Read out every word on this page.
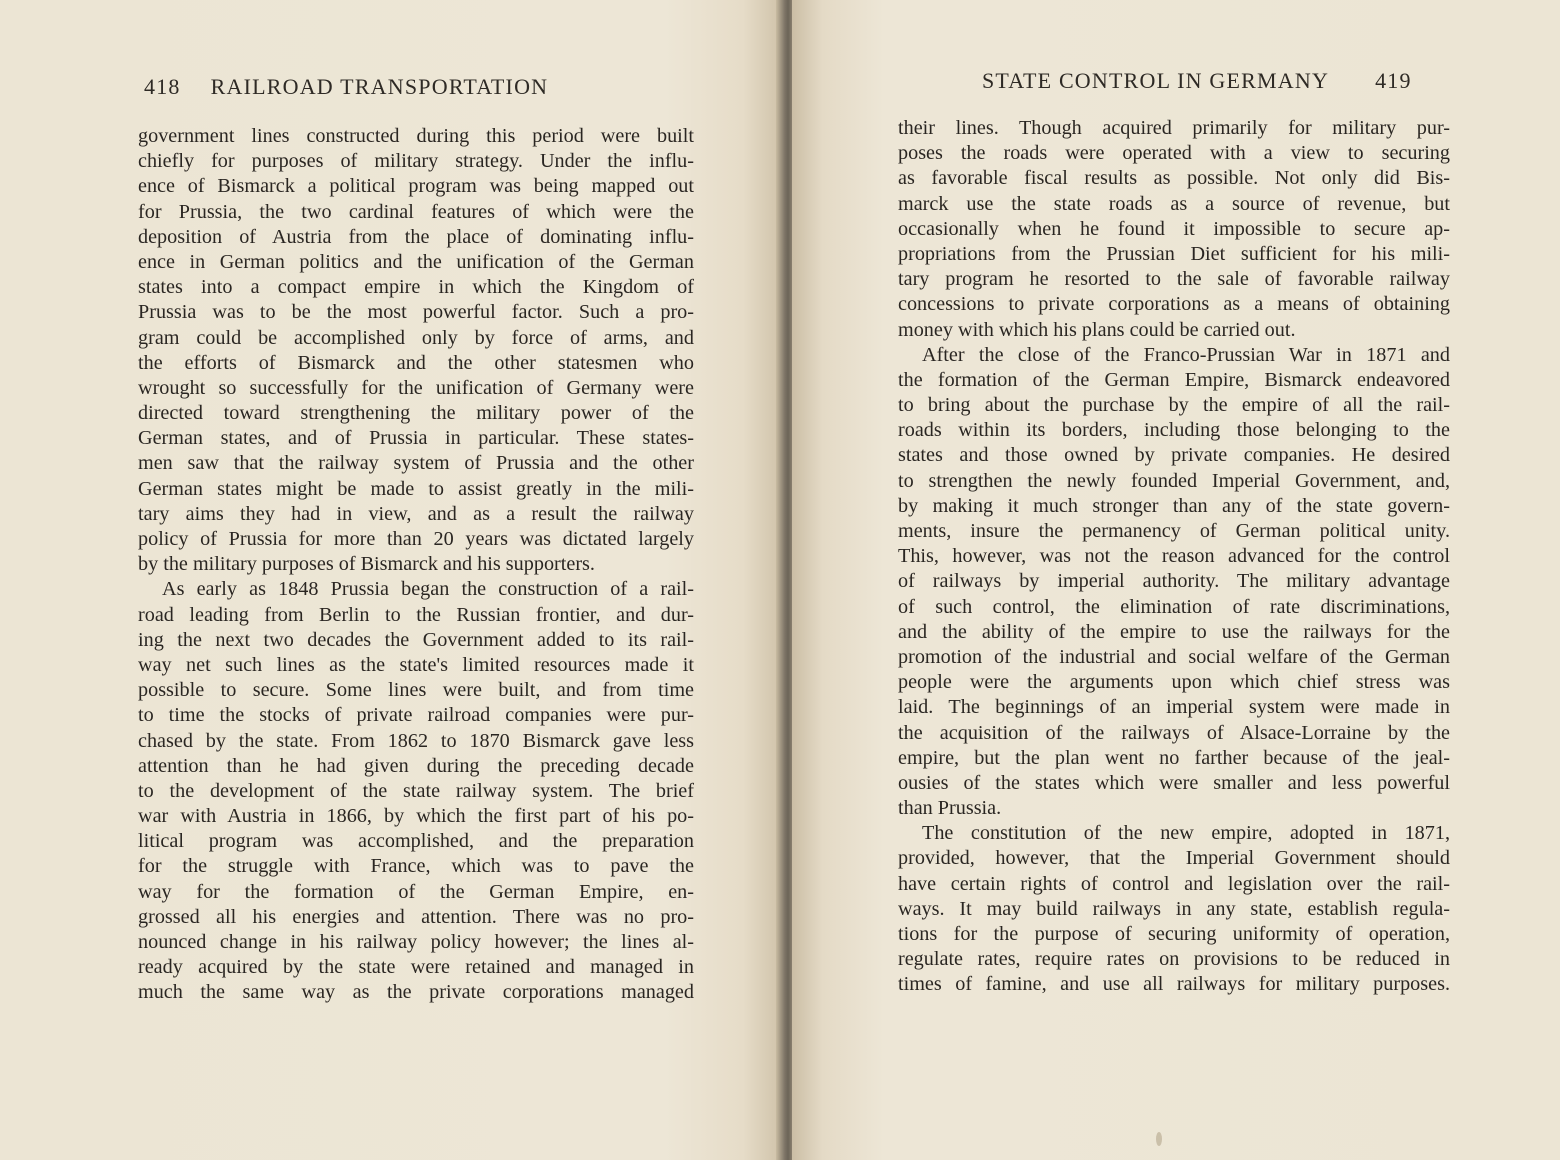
418 RAILROAD TRANSPORTATION
government lines constructed during this period were built
chiefly for purposes of military strategy. Under the influ-
ence of Bismarck a political program was being mapped out
for Prussia, the two cardinal features of which were the
deposition of Austria from the place of dominating influ-
ence in German politics and the unification of the German
states into a compact empire in which the Kingdom of
Prussia was to be the most powerful factor. Such a pro-
gram could be accomplished only by force of arms, and
the efforts of Bismarck and the other statesmen who
wrought so successfully for the unification of Germany were
directed toward strengthening the military power of the
German states, and of Prussia in particular. These states-
men saw that the railway system of Prussia and the other
German states might be made to assist greatly in the mili-
tary aims they had in view, and as a result the railway
policy of Prussia for more than 20 years was dictated largely
by the military purposes of Bismarck and his supporters.
As early as 1848 Prussia began the construction of a rail-
road leading from Berlin to the Russian frontier, and dur-
ing the next two decades the Government added to its rail-
way net such lines as the state's limited resources made it
possible to secure. Some lines were built, and from time
to time the stocks of private railroad companies were pur-
chased by the state. From 1862 to 1870 Bismarck gave less
attention than he had given during the preceding decade
to the development of the state railway system. The brief
war with Austria in 1866, by which the first part of his po-
litical program was accomplished, and the preparation
for the struggle with France, which was to pave the
way for the formation of the German Empire, en-
grossed all his energies and attention. There was no pro-
nounced change in his railway policy however; the lines al-
ready acquired by the state were retained and managed in
much the same way as the private corporations managed
STATE CONTROL IN GERMANY 419
their lines. Though acquired primarily for military pur-
poses the roads were operated with a view to securing
as favorable fiscal results as possible. Not only did Bis-
marck use the state roads as a source of revenue, but
occasionally when he found it impossible to secure ap-
propriations from the Prussian Diet sufficient for his mili-
tary program he resorted to the sale of favorable railway
concessions to private corporations as a means of obtaining
money with which his plans could be carried out.
After the close of the Franco-Prussian War in 1871 and
the formation of the German Empire, Bismarck endeavored
to bring about the purchase by the empire of all the rail-
roads within its borders, including those belonging to the
states and those owned by private companies. He desired
to strengthen the newly founded Imperial Government, and,
by making it much stronger than any of the state govern-
ments, insure the permanency of German political unity.
This, however, was not the reason advanced for the control
of railways by imperial authority. The military advantage
of such control, the elimination of rate discriminations,
and the ability of the empire to use the railways for the
promotion of the industrial and social welfare of the German
people were the arguments upon which chief stress was
laid. The beginnings of an imperial system were made in
the acquisition of the railways of Alsace-Lorraine by the
empire, but the plan went no farther because of the jeal-
ousies of the states which were smaller and less powerful
than Prussia.
The constitution of the new empire, adopted in 1871,
provided, however, that the Imperial Government should
have certain rights of control and legislation over the rail-
ways. It may build railways in any state, establish regula-
tions for the purpose of securing uniformity of operation,
regulate rates, require rates on provisions to be reduced in
times of famine, and use all railways for military purposes.
